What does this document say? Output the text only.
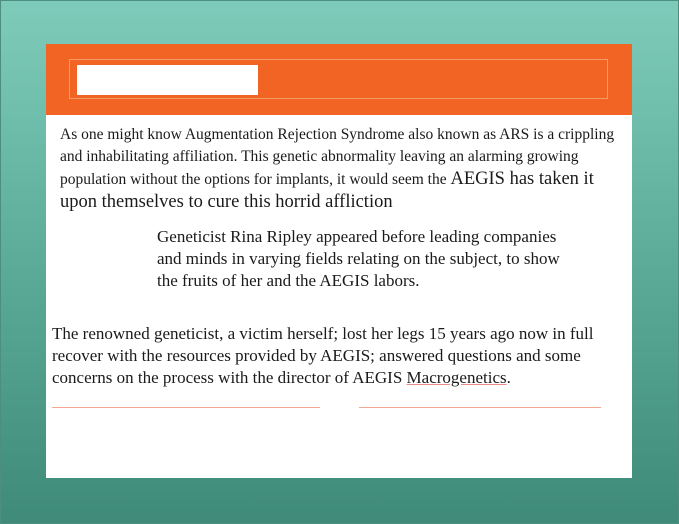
As one might know Augmentation Rejection Syndrome also known as ARS is a crippling and inhabilitating affiliation. This genetic abnormality leaving an alarming growing population without the options for implants, it would seem the AEGIS has taken it upon themselves to cure this horrid affliction

Geneticist Rina Ripley appeared before leading companies and minds in varying fields relating on the subject, to show the fruits of her and the AEGIS labors.

The renowned geneticist, a victim herself; lost her legs 15 years ago now in full recover with the resources provided by AEGIS; answered questions and some concerns on the process with the director of AEGIS Macrogenetics.
